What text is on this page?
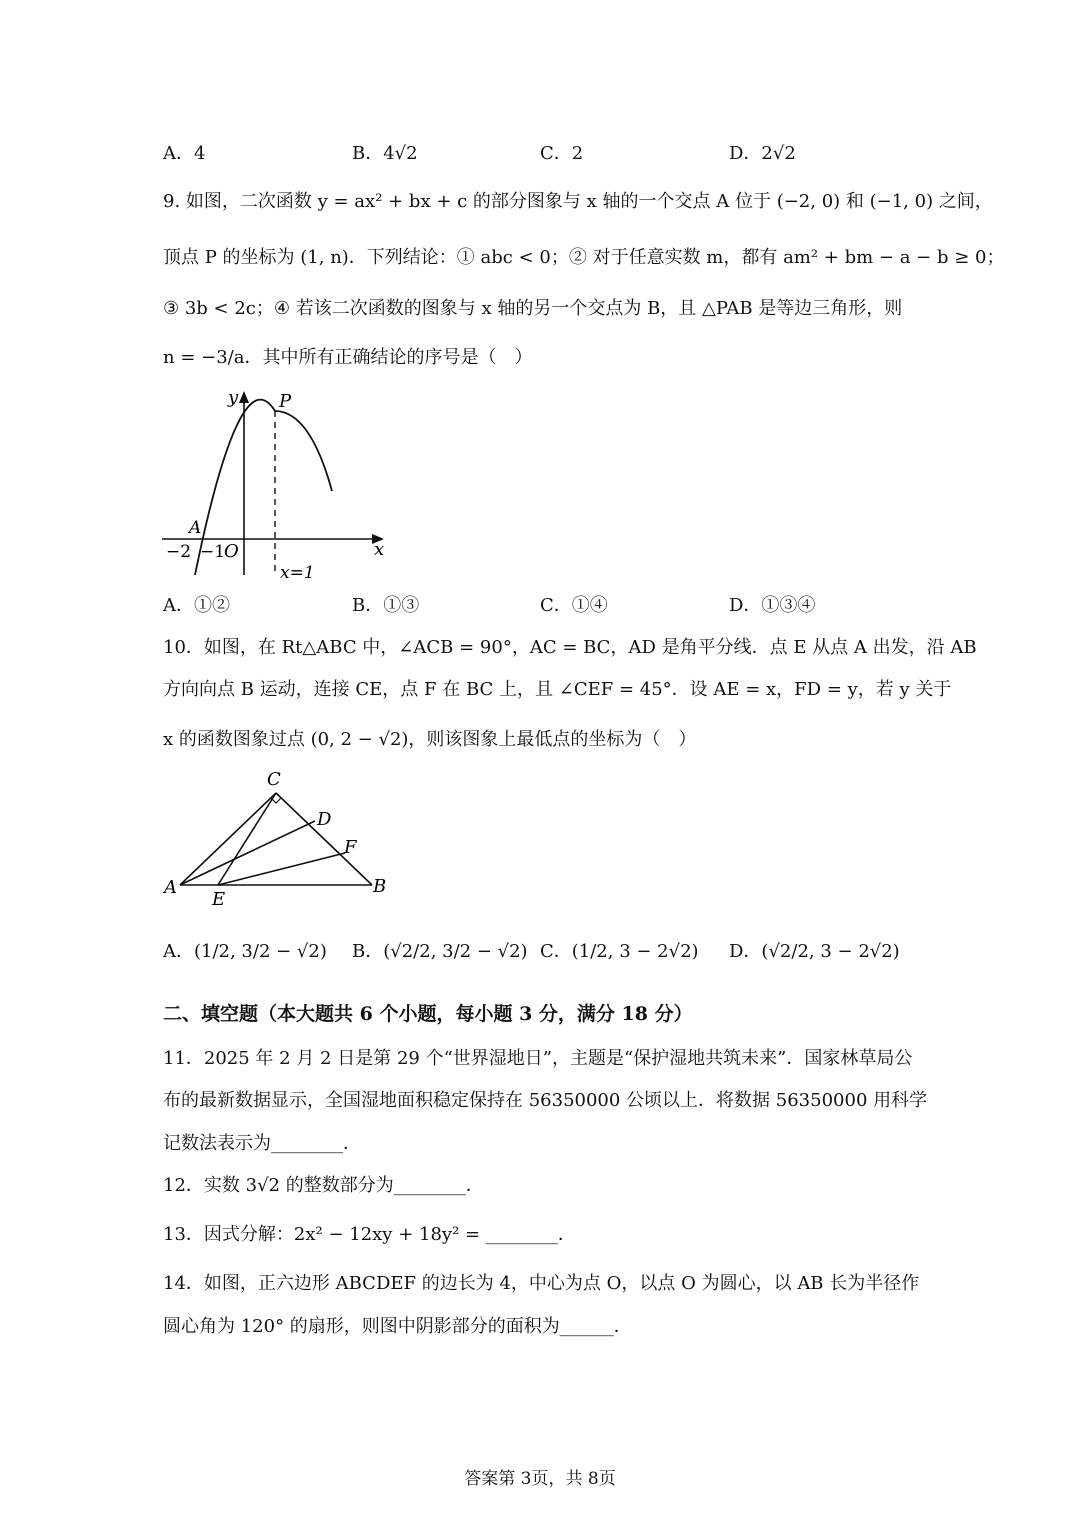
A．4	B．4√2	C．2	D．2√2
9. 如图，二次函数 y = ax² + bx + c 的部分图象与 x 轴的一个交点 A 位于 (−2, 0) 和 (−1, 0) 之间，
顶点 P 的坐标为 (1, n)．下列结论：① abc < 0；② 对于任意实数 m，都有 am² + bm − a − b ≥ 0；
③ 3b < 2c；④ 若该二次函数的图象与 x 轴的另一个交点为 B，且 △PAB 是等边三角形，则
n = −3/a．其中所有正确结论的序号是（　）
y P
A
x
−2 −1
O
x=1
A．①②	B．①③	C．①④	D．①③④
10．如图，在 Rt△ABC 中，∠ACB = 90°，AC = BC，AD 是角平分线．点 E 从点 A 出发，沿 AB
方向向点 B 运动，连接 CE，点 F 在 BC 上，且 ∠CEF = 45°．设 AE = x，FD = y，若 y 关于
x 的函数图象过点 (0, 2 − √2)，则该图象上最低点的坐标为（　）
C
D
F
A
E
B
A．(1/2, 3/2 − √2) B．(√2/2, 3/2 − √2) C．(1/2, 3 − 2√2) D．(√2/2, 3 − 2√2)
二、填空题（本大题共 6 个小题，每小题 3 分，满分 18 分）
11．2025 年 2 月 2 日是第 29 个“世界湿地日”，主题是“保护湿地共筑未来”．国家林草局公
布的最新数据显示，全国湿地面积稳定保持在 56350000 公顷以上．将数据 56350000 用科学
记数法表示为________．
12．实数 3√2 的整数部分为________．
13．因式分解：2x² − 12xy + 18y² = ________．
14．如图，正六边形 ABCDEF 的边长为 4，中心为点 O，以点 O 为圆心，以 AB 长为半径作
圆心角为 120° 的扇形，则图中阴影部分的面积为______．
答案第 3页，共 8页
